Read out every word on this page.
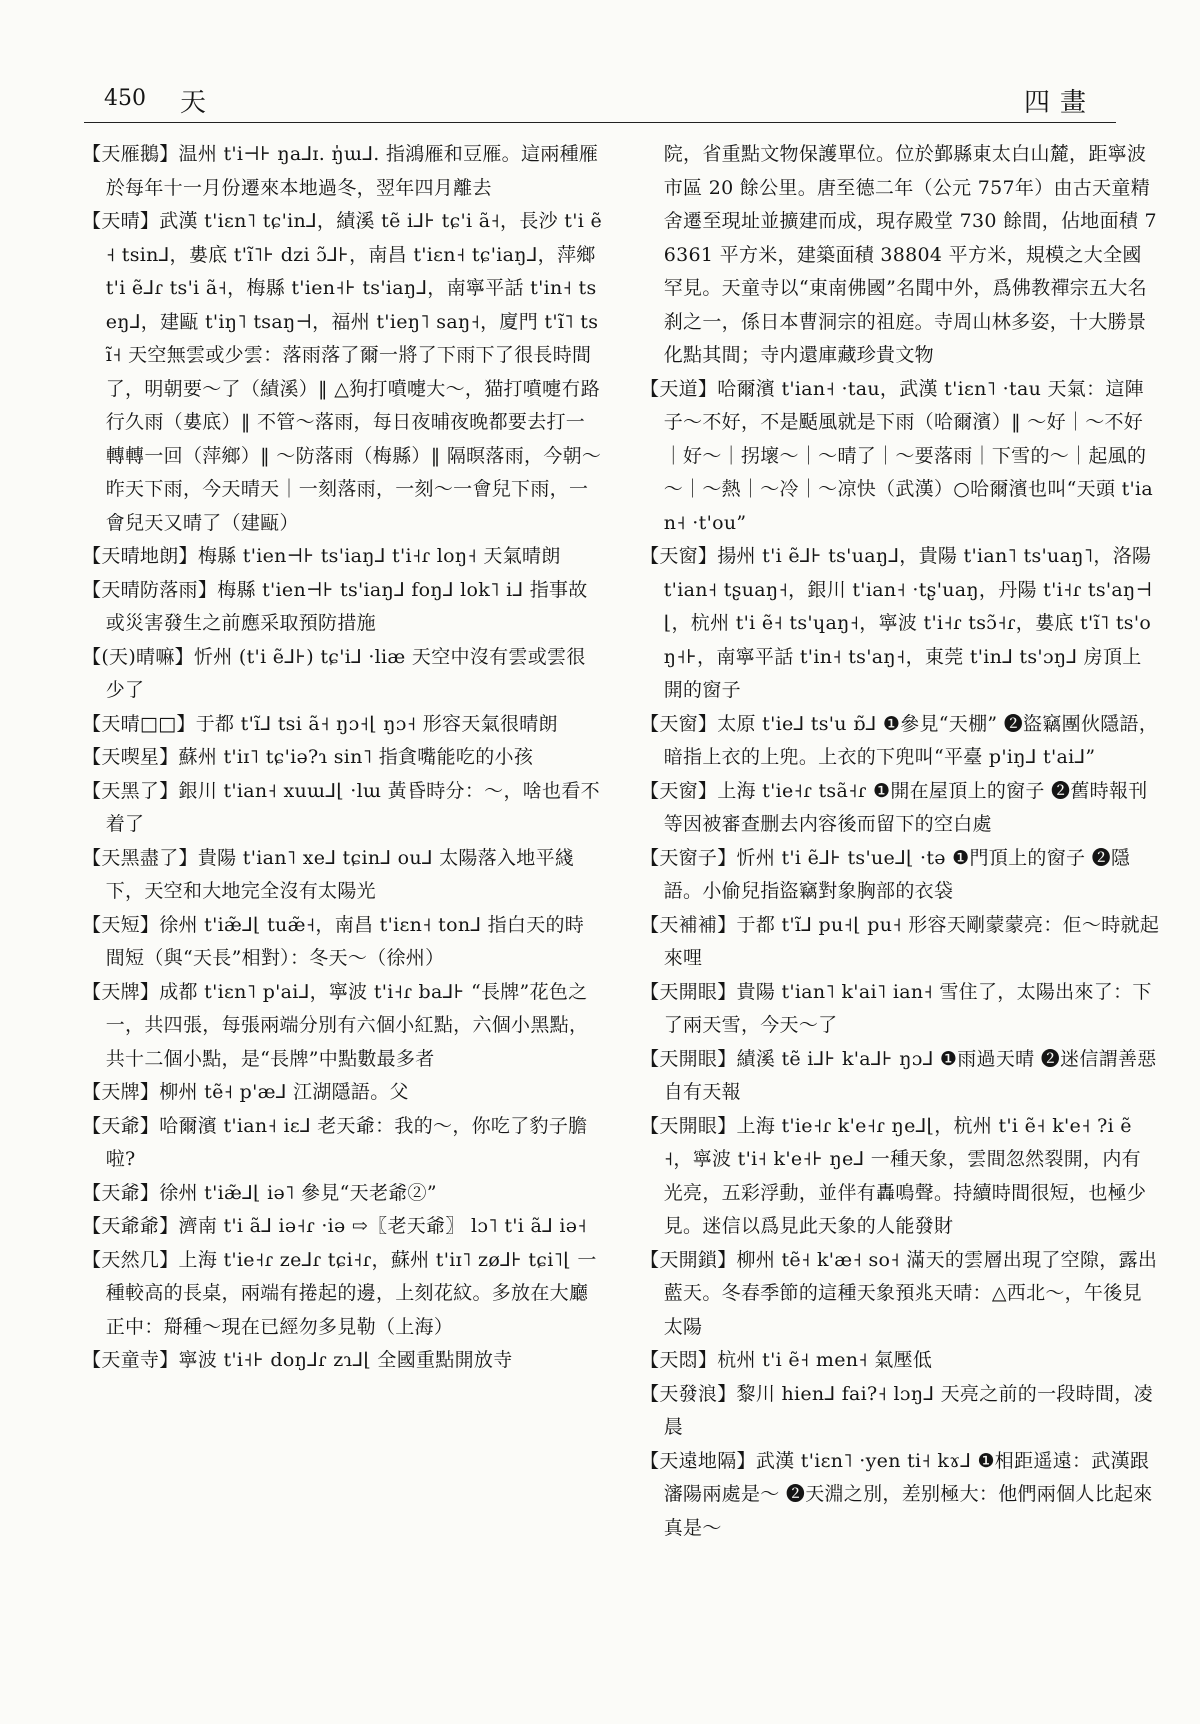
450 天	四畫

【 天雁鵝 】 温州 t'i⊣⊦ ŋa⅃ɪ. ŋ̍ɯ⅃. 指鴻雁和豆雁。這兩種雁於每年十一月份遷來本地過冬，翌年四月離去

【 天晴 】 武漢 t'iɛn˥ tɕ'in⅃，績溪 tẽ i⅃⊦ tɕ'i ã˧，長沙 t'i ẽ˧ tsin⅃，婁底 t'ĩ˥⊦ dzi ɔ̃⅃⊦，南昌 t'iɛn˧ tɕ'iaŋ⅃，萍鄉 t'i ẽ⅃ɾ ts'i ã˧，梅縣 t'ien˧⊦ ts'iaŋ⅃，南寧平話 t'in˧ tseŋ⅃，建甌 t'iŋ˥ tsaŋ⊣，福州 t'ieŋ˥ saŋ˧，廈門 t'ĩ˥ ts ĩ˧ 天空無雲或少雲：落雨落了爾一將了下雨下了很長時間了，明朝要～了（績溪）‖ △狗打噴嚏大～，猫打噴嚏冇路行久雨（婁底）‖ 不管～落雨，每日夜晡夜晚都要去打一轉轉一回（萍鄉）‖ ～防落雨（梅縣）‖ 隔暝落雨，今朝～昨天下雨，今天晴天｜一刻落雨，一刻～一會兒下雨，一會兒天又晴了（建甌）

【 天晴地朗 】 梅縣 t'ien⊣⊦ ts'iaŋ⅃ t'i˧ɾ loŋ˧ 天氣晴朗

【 天晴防落雨 】 梅縣 t'ien⊣⊦ ts'iaŋ⅃ foŋ⅃ lok˥ i⅃ 指事故或災害發生之前應采取預防措施

【 (天)晴嘛 】 忻州 (t'i ẽ⅃⊦) tɕ'i⅃ ·liæ 天空中沒有雲或雲很少了

【 天晴□□ 】 于都 t'ĩ⅃ tsi ã˧ ŋɔ˧⌊ ŋɔ˧ 形容天氣很晴朗

【 天喫星 】 蘇州 t'iɪ˥ tɕ'iə?ɿ sin˥ 指貪嘴能吃的小孩

【 天黑了 】 銀川 t'ian˧ xuɯ⅃⌊ ·lɯ 黃昏時分：～，啥也看不着了

【 天黑盡了 】 貴陽 t'ian˥ xe⅃ tɕin⅃ ou⅃ 太陽落入地平綫下，天空和大地完全沒有太陽光

【 天短 】 徐州 t'iæ̃⅃⌊ tuæ̃˧，南昌 t'iɛn˧ ton⅃ 指白天的時間短（與“天長”相對）：冬天～（徐州）

【 天牌 】 成都 t'iɛn˥ p'ai⅃，寧波 t'i˧ɾ ba⅃⊦ “長牌”花色之一，共四張，每張兩端分別有六個小紅點，六個小黑點，共十二個小點，是“長牌”中點數最多者

【 天牌 】 柳州 tẽ˧ p'æ⅃ 江湖隱語。父

【 天爺 】 哈爾濱 t'ian˧ iɛ⅃ 老天爺：我的～，你吃了豹子膽啦?

【 天爺 】 徐州 t'iæ̃⅃⌊ iə˥ 參見“天老爺②”

【 天爺爺 】 濟南 t'i ã⅃ iə˧ɾ ·iə ⇨〖老天爺〗 lɔ˥ t'i ã⅃ iə˧

【 天然几 】 上海 t'ie˧ɾ ze⅃ɾ tɕi˧ɾ，蘇州 t'iɪ˥ zø⅃⊦ tɕi˥⌊ 一種較高的長桌，兩端有捲起的邊，上刻花紋。多放在大廳正中：搿種～現在已經勿多見勒（上海）

【 天童寺 】 寧波 t'i˧⊦ doŋ⅃ɾ zɿ⅃⌊ 全國重點開放寺

院，省重點文物保護單位。位於鄞縣東太白山麓，距寧波市區 20 餘公里。唐至德二年（公元 757年）由古天童精舍遷至現址並擴建而成，現存殿堂 730 餘間，佔地面積 76361 平方米，建築面積 38804 平方米，規模之大全國罕見。天童寺以“東南佛國”名聞中外，爲佛教禪宗五大名刹之一，係日本曹洞宗的祖庭。寺周山林多姿，十大勝景化點其間；寺内還庫藏珍貴文物

【 天道 】 哈爾濱 t'ian˧ ·tau，武漢 t'iɛn˥ ·tau 天氣：這陣子～不好，不是颳風就是下雨（哈爾濱）‖ ～好｜～不好｜好～｜拐壞～｜～晴了｜～要落雨｜下雪的～｜起風的～｜～熱｜～冷｜～凉快（武漢）○哈爾濱也叫“天頭 t'ian˧ ·t'ou”

【 天窗 】 揚州 t'i ẽ⅃⊦ ts'uaŋ⅃，貴陽 t'ian˥ ts'uaŋ˥，洛陽 t'ian˧ tʂuaŋ˧，銀川 t'ian˧ ·tʂ'uaŋ，丹陽 t'i˧ɾ ts'aŋ⊣⌊，杭州 t'i ẽ˧ ts'ɥaŋ˧，寧波 t'i˧ɾ tsɔ̃˧ɾ，婁底 t'ĩ˥ ts'oŋ˧⊦，南寧平話 t'in˧ ts'aŋ˧，東莞 t'in⅃ ts'ɔŋ⅃ 房頂上開的窗子

【 天窗 】 太原 t'ie⅃ ts'u ɒ̃⅃ ❶參見“天棚” ❷盜竊團伙隱語，暗指上衣的上兜。上衣的下兜叫“平臺 p'iŋ⅃ t'ai⅃”

【 天窗 】 上海 t'ie˧ɾ tsã˧ɾ ❶開在屋頂上的窗子 ❷舊時報刊等因被審查删去内容後而留下的空白處

【 天窗子 】 忻州 t'i ẽ⅃⊦ ts'ue⅃⌊ ·tə ❶門頂上的窗子 ❷隱語。小偷兒指盜竊對象胸部的衣袋

【 天補補 】 于都 t'ĩ⅃ pu˧⌊ pu˧ 形容天剛蒙蒙亮：佢～時就起來哩

【 天開眼 】 貴陽 t'ian˥ k'ai˥ ian˧ 雪住了，太陽出來了：下了兩天雪，今天～了

【 天開眼 】 績溪 tẽ i⅃⊦ k'a⅃⊦ ŋɔ⅃ ❶雨過天晴 ❷迷信謂善惡自有天報

【 天開眼 】 上海 t'ie˧ɾ k'e˧ɾ ŋe⅃⌊，杭州 t'i ẽ˧ k'e˧ ?i ẽ˧，寧波 t'i˧ k'e˧⊦ ŋe⅃ 一種天象，雲間忽然裂開，内有光亮，五彩浮動，並伴有轟鳴聲。持續時間很短，也極少見。迷信以爲見此天象的人能發財

【 天開鎖 】 柳州 tẽ˧ k'æ˧ so˧ 滿天的雲層出現了空隙，露出藍天。冬春季節的這種天象預兆天晴：△西北～，午後見太陽

【 天悶 】 杭州 t'i ẽ˧ men˧ 氣壓低

【 天發浪 】 黎川 hien⅃ fai?˧ lɔŋ⅃ 天亮之前的一段時間，凌晨

【 天遠地隔 】 武漢 t'iɛn˥ ·yen ti˧ kɤ⅃ ❶相距遥遠：武漢跟瀋陽兩處是～ ❷天淵之別，差别極大：他們兩個人比起來真是～
